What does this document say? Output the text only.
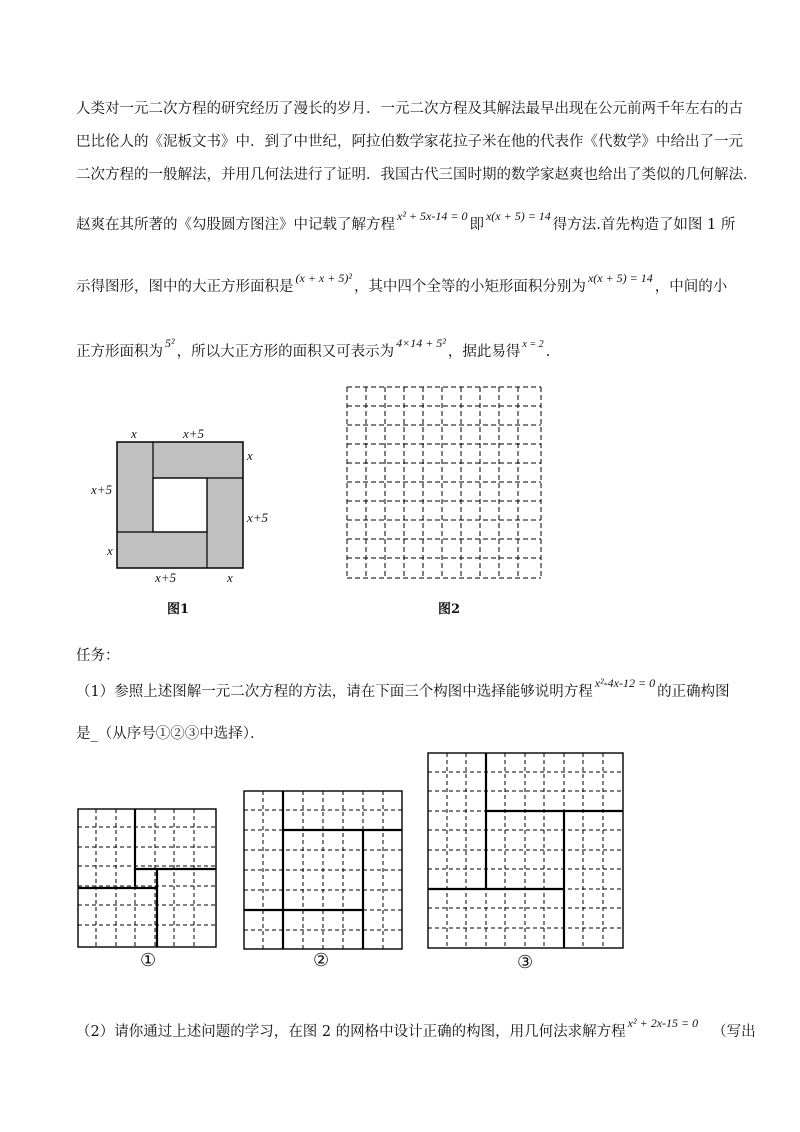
人类对一元二次方程的研究经历了漫长的岁月．一元二次方程及其解法最早出现在公元前两千年左右的古
巴比伦人的《泥板文书》中．到了中世纪，阿拉伯数学家花拉子米在他的代表作《代数学》中给出了一元
二次方程的一般解法，并用几何法进行了证明．我国古代三国时期的数学家赵爽也给出了类似的几何解法．
赵爽在其所著的《勾股圆方图注》中记载了解方程x² + 5x-14 = 0即x(x + 5) = 14得方法.首先构造了如图 1 所
示得图形，图中的大正方形面积是(x + x + 5)²，其中四个全等的小矩形面积分别为x(x + 5) = 14，中间的小
正方形面积为5²，所以大正方形的面积又可表示为4×14 + 5²，据此易得 x = 2 .
x	x+5
x
x+5
x+5
x
x+5	x
图1	图2
任务：
（1）参照上述图解一元二次方程的方法，请在下面三个构图中选择能够说明方程x²-4x-12 = 0的正确构图
是_（从序号①②③中选择）．
①	②	③
（2）请你通过上述问题的学习，在图 2 的网格中设计正确的构图，用几何法求解方程x² + 2x-15 = 0（写出
